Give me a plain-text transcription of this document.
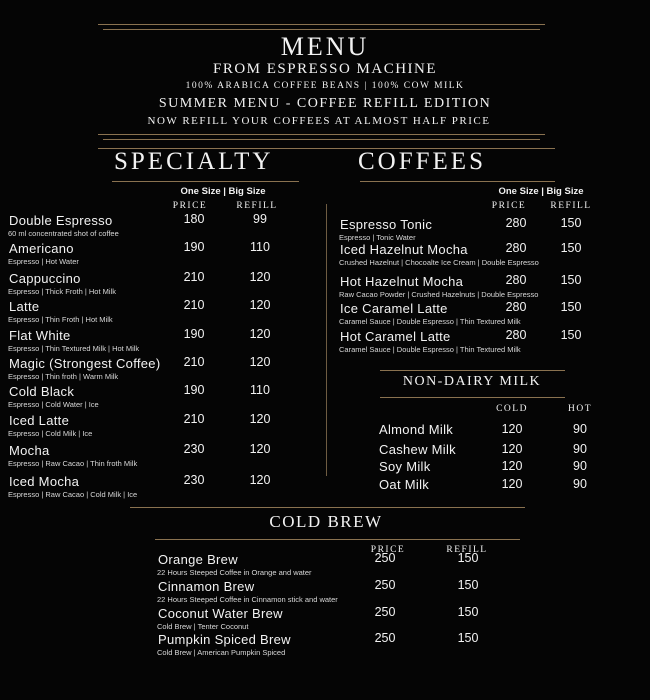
MENU
FROM ESPRESSO MACHINE
100% ARABICA COFFEE BEANS | 100% COW MILK
SUMMER MENU - COFFEE REFILL EDITION
NOW REFILL YOUR COFFEES AT ALMOST HALF PRICE
SPECIALTY	COFFEES
One Size | Big Size
PRICE	REFILL
One Size | Big Size
PRICE	REFILL
Double Espresso
60 ml concentrated shot of coffee
180	99
Americano
Espresso | Hot Water
190	110
Cappuccino
Espresso | Thick Froth | Hot Milk
210	120
Latte
Espresso | Thin Froth | Hot Milk
210	120
Flat White
Espresso | Thin Textured Milk | Hot Milk
190	120
Magic (Strongest Coffee)
Espresso | Thin froth | Warm Milk
210	120
Cold Black
Espresso | Cold Water | Ice
190	110
Iced Latte
Espresso | Cold Milk | Ice
210	120
Mocha
Espresso | Raw Cacao | Thin froth Milk
230	120
Iced Mocha
Espresso | Raw Cacao | Cold Milk | Ice
230	120
Espresso Tonic
Espresso | Tonic Water
280	150
Iced Hazelnut Mocha
Crushed Hazelnut | Chocoalte Ice Cream | Double Espresso
280	150
Hot Hazelnut Mocha
Raw Cacao Powder | Crushed Hazelnuts | Double Espresso
280	150
Ice Caramel Latte
Caramel Sauce | Double Espresso | Thin Textured Milk
280	150
Hot Caramel Latte
Caramel Sauce | Double Espresso | Thin Textured Milk
280	150
NON-DAIRY MILK
COLD	HOT
Almond Milk	120	90
Cashew Milk	120	90
Soy Milk	120	90
Oat Milk	120	90
COLD BREW
PRICE	REFILL
Orange Brew
22 Hours Steeped Coffee in Orange and water
250	150
Cinnamon Brew
22 Hours Steeped Coffee in Cinnamon stick and water
250	150
Coconut Water Brew
Cold Brew | Tenter Coconut
250	150
Pumpkin Spiced Brew
Cold Brew | American Pumpkin Spiced
250	150
